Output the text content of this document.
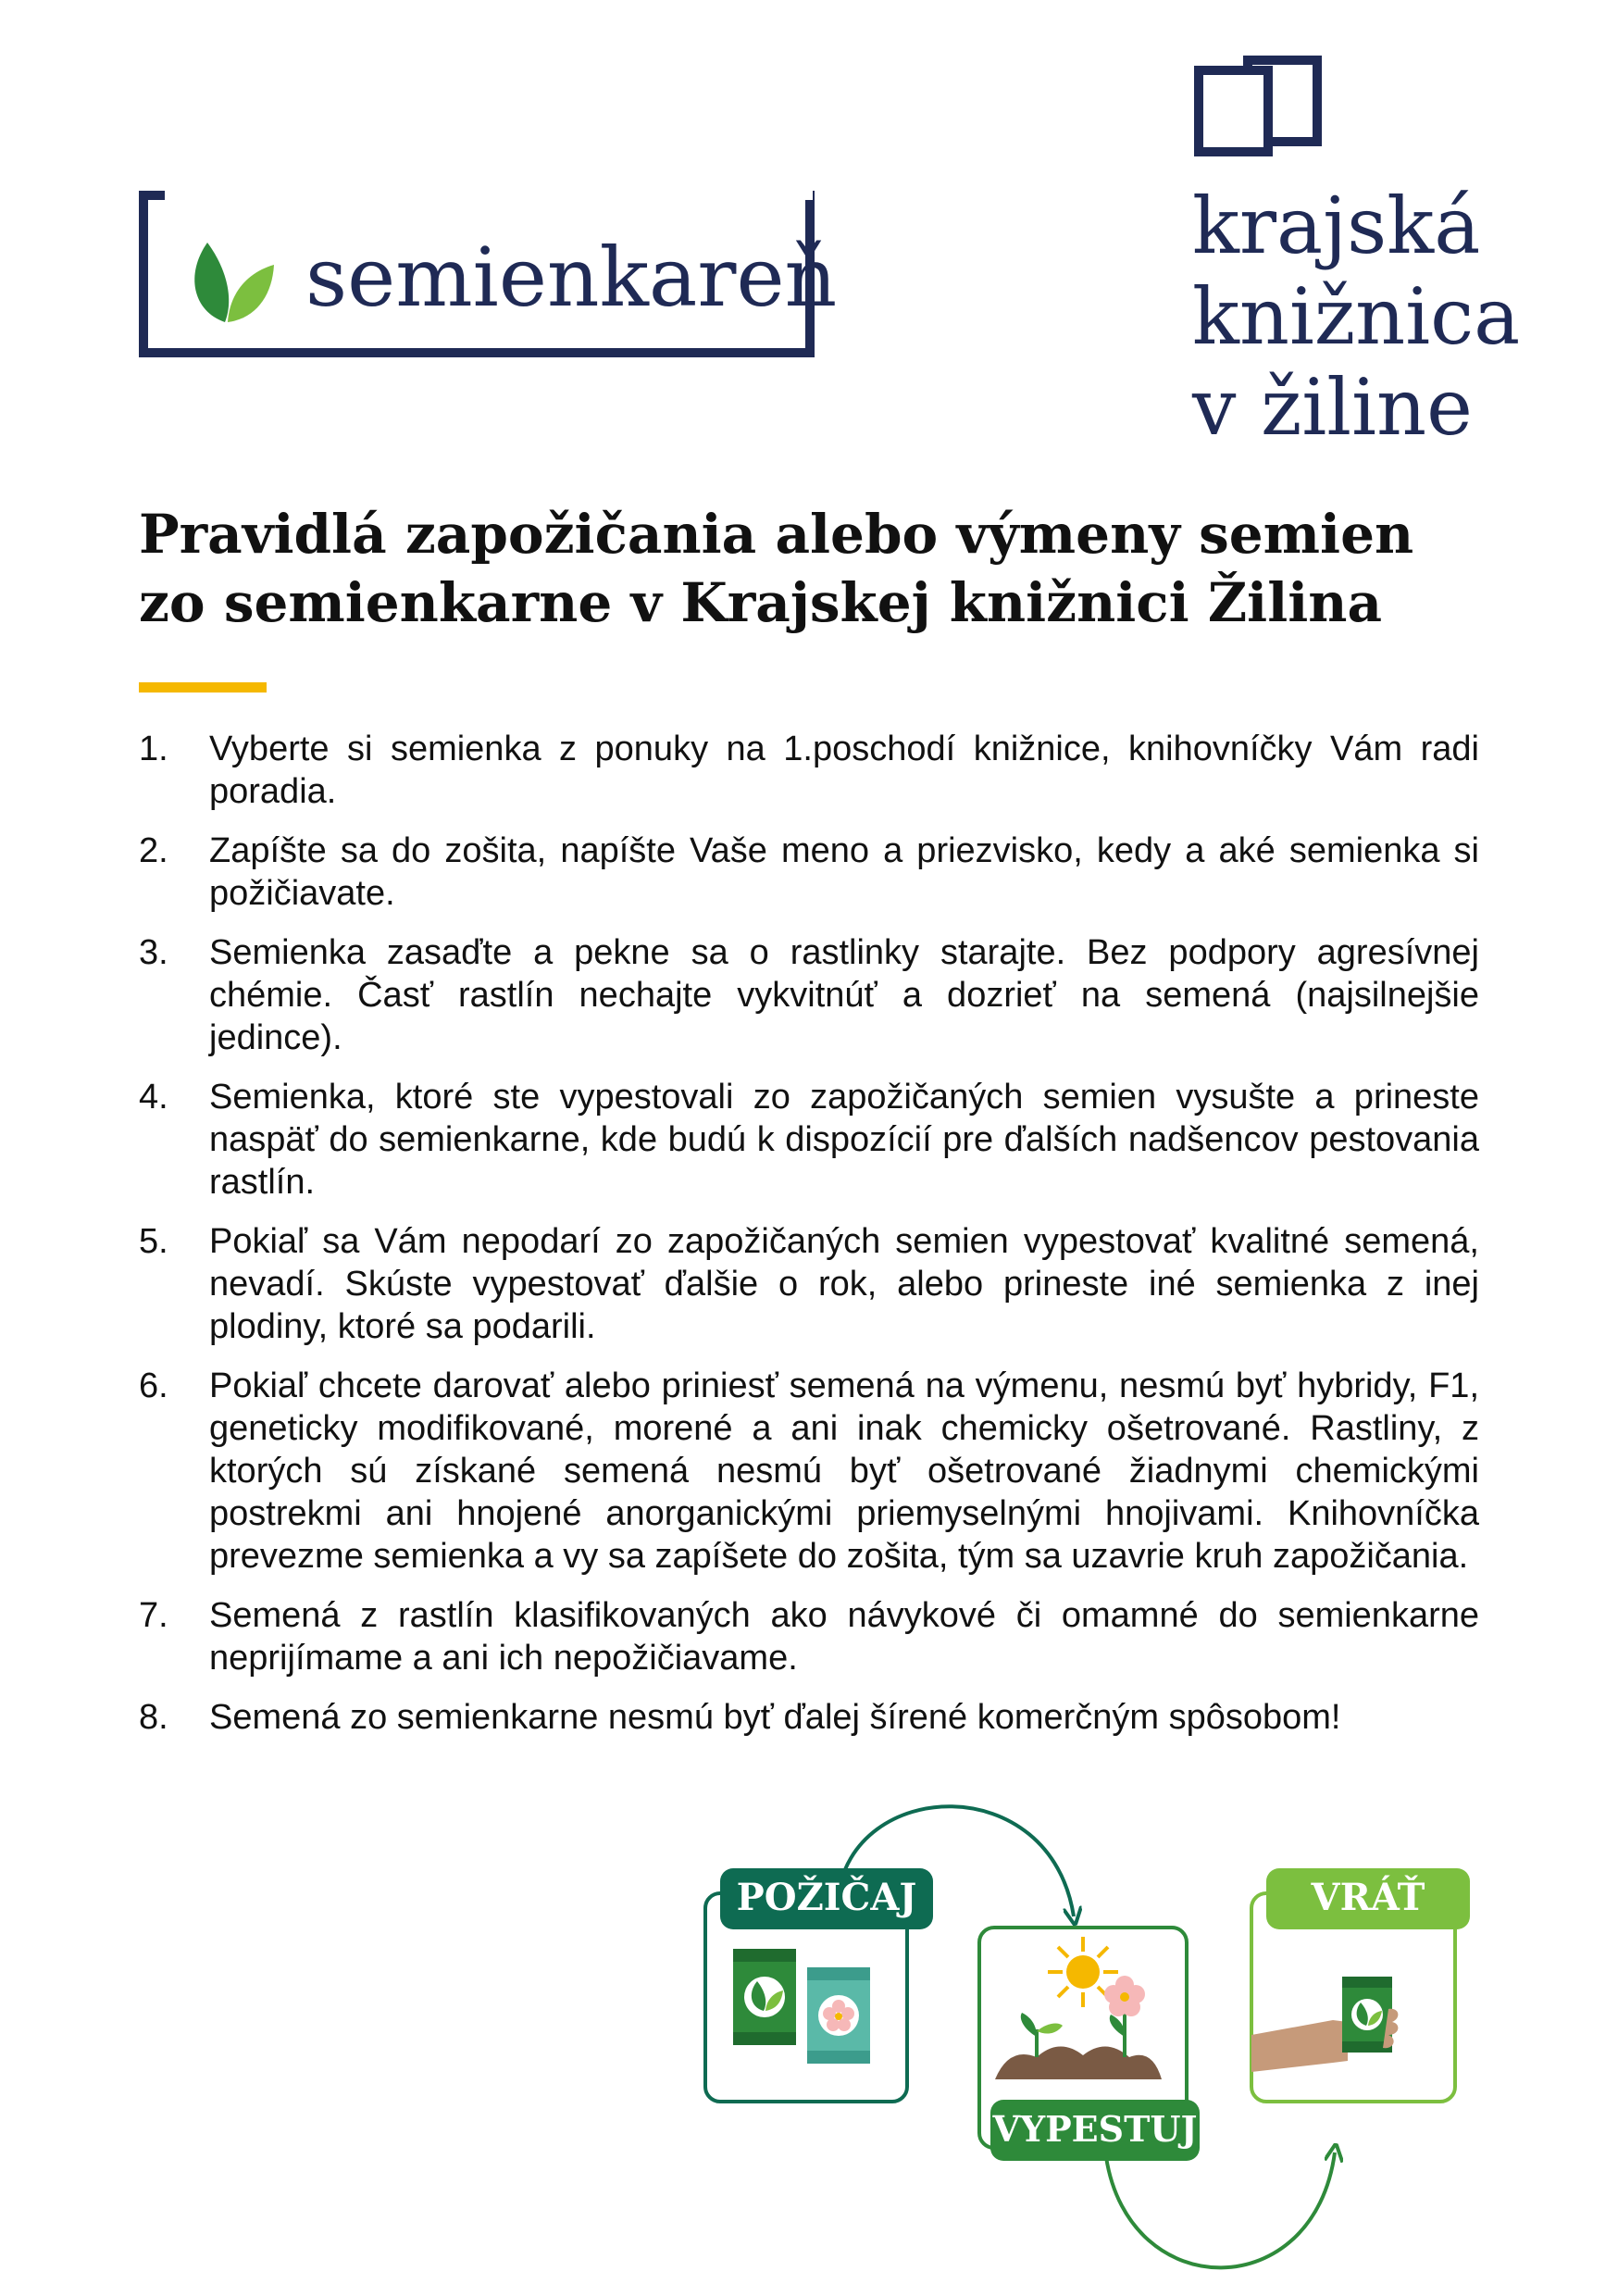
semienkareň

krajská
knižnica
v žiline

Pravidlá zapožičania alebo výmeny semien
zo semienkarne v Krajskej knižnici Žilina
1. Vyberte si semienka z ponuky na 1.poschodí knižnice, knihovníčky Vám radi poradia.
2. Zapíšte sa do zošita, napíšte Vaše meno a priezvisko, kedy a aké semienka si požičiavate.
3. Semienka zasaďte a pekne sa o rastlinky starajte. Bez podpory agresívnej chémie. Časť rastlín nechajte vykvitnúť a dozrieť na semená (najsilnejšie jedince).
4. Semienka, ktoré ste vypestovali zo zapožičaných semien vysušte a prineste naspäť do semienkarne, kde budú k dispozícií pre ďalších nadšencov pestovania rastlín.
5. Pokiaľ sa Vám nepodarí zo zapožičaných semien vypestovať kvalitné semená, nevadí. Skúste vypestovať ďalšie o rok, alebo prineste iné semienka z inej plodiny, ktoré sa podarili.
6. Pokiaľ chcete darovať alebo priniesť semená na výmenu, nesmú byť hybridy, F1, geneticky modifikované, morené a ani inak chemicky ošetrované. Rastliny, z ktorých sú získané semená nesmú byť ošetrované žiadnymi chemickými postrekmi ani hnojené anorganickými priemyselnými hnojivami. Knihovníčka prevezme semienka a vy sa zapíšete do zošita, tým sa uzavrie kruh zapožičania.
7. Semená z rastlín klasifikovaných ako návykové či omamné do semienkarne neprijímame a ani ich nepožičiavame.
8. Semená zo semienkarne nesmú byť ďalej šírené komerčným spôsobom!
POŽIČAJ
VYPESTUJ
VRÁŤ
